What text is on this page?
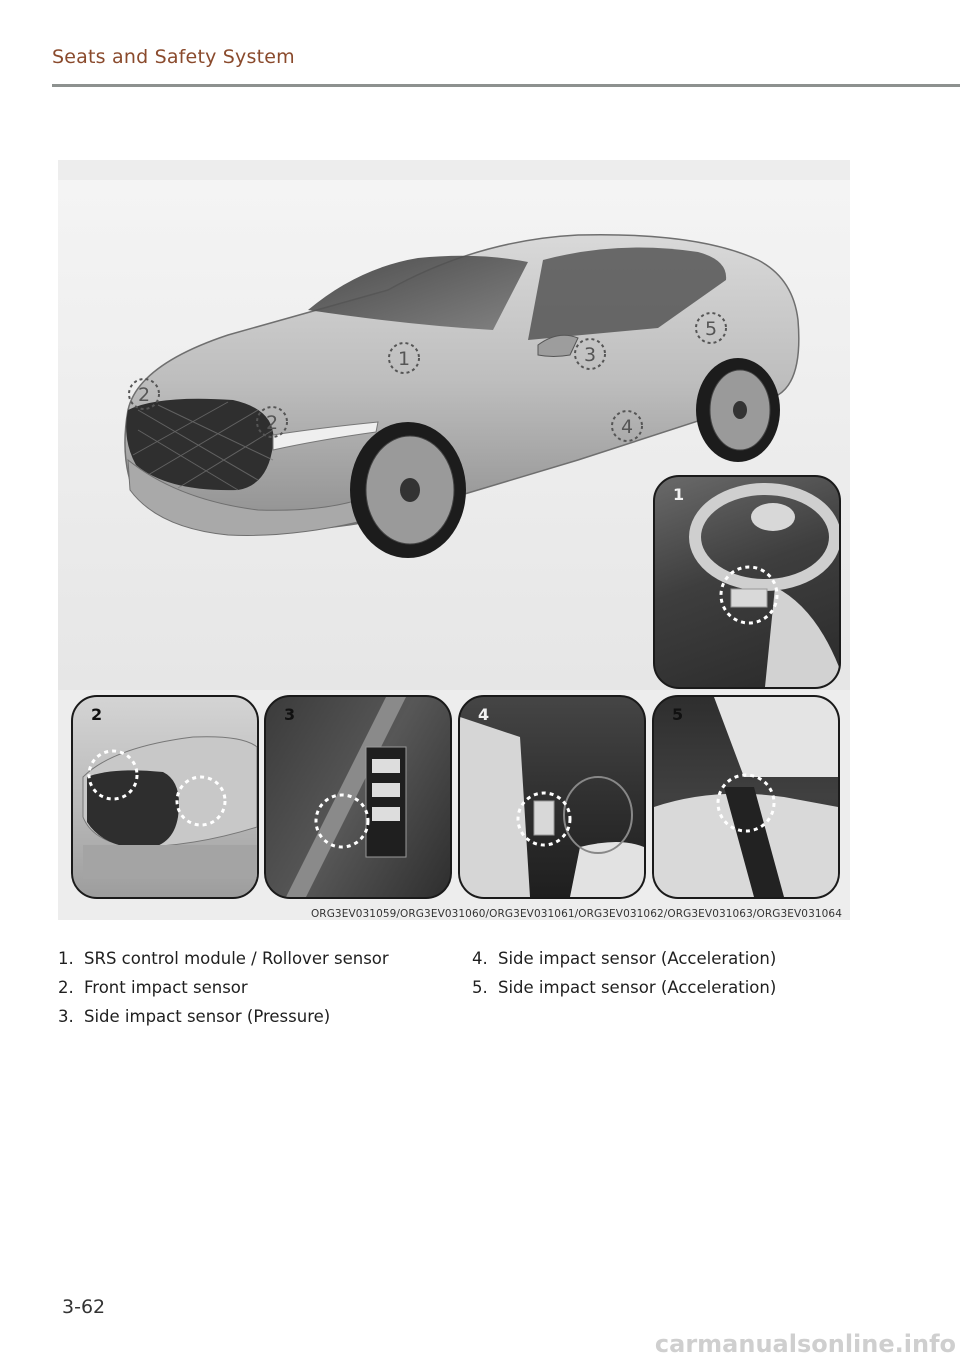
Seats and Safety System
1
2
2
3
4
5
1
2	3	4	5
ORG3EV031059/ORG3EV031060/ORG3EV031061/ORG3EV031062/ORG3EV031063/ORG3EV031064
1. SRS control module / Rollover sensor
2. Front impact sensor
3. Side impact sensor (Pressure)
4. Side impact sensor (Acceleration)
5. Side impact sensor (Acceleration)
3-62
carmanualsonline.info
